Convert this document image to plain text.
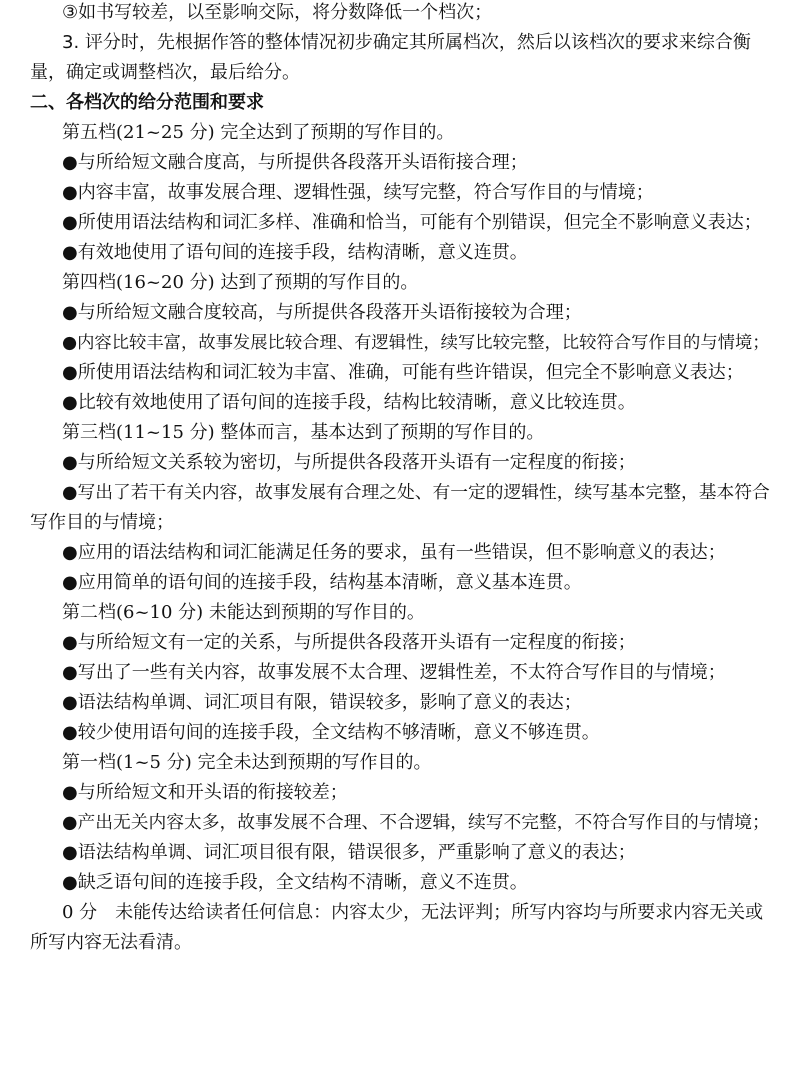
③如书写较差，以至影响交际，将分数降低一个档次；
3. 评分时，先根据作答的整体情况初步确定其所属档次，然后以该档次的要求来综合衡
量，确定或调整档次，最后给分。
二、各档次的给分范围和要求
第五档(21~25 分) 完全达到了预期的写作目的。
●与所给短文融合度高，与所提供各段落开头语衔接合理；
●内容丰富，故事发展合理、逻辑性强，续写完整，符合写作目的与情境；
●所使用语法结构和词汇多样、准确和恰当，可能有个别错误，但完全不影响意义表达；
●有效地使用了语句间的连接手段，结构清晰，意义连贯。
第四档(16~20 分) 达到了预期的写作目的。
●与所给短文融合度较高，与所提供各段落开头语衔接较为合理；
●内容比较丰富，故事发展比较合理、有逻辑性，续写比较完整，比较符合写作目的与情境；
●所使用语法结构和词汇较为丰富、准确，可能有些许错误，但完全不影响意义表达；
●比较有效地使用了语句间的连接手段，结构比较清晰，意义比较连贯。
第三档(11~15 分) 整体而言，基本达到了预期的写作目的。
●与所给短文关系较为密切，与所提供各段落开头语有一定程度的衔接；
●写出了若干有关内容，故事发展有合理之处、有一定的逻辑性，续写基本完整，基本符合
写作目的与情境；
●应用的语法结构和词汇能满足任务的要求，虽有一些错误，但不影响意义的表达；
●应用简单的语句间的连接手段，结构基本清晰，意义基本连贯。
第二档(6~10 分) 未能达到预期的写作目的。
●与所给短文有一定的关系，与所提供各段落开头语有一定程度的衔接；
●写出了一些有关内容，故事发展不太合理、逻辑性差，不太符合写作目的与情境；
●语法结构单调、词汇项目有限，错误较多，影响了意义的表达；
●较少使用语句间的连接手段，全文结构不够清晰，意义不够连贯。
第一档(1~5 分) 完全未达到预期的写作目的。
●与所给短文和开头语的衔接较差；
●产出无关内容太多，故事发展不合理、不合逻辑，续写不完整，不符合写作目的与情境；
●语法结构单调、词汇项目很有限，错误很多，严重影响了意义的表达；
●缺乏语句间的连接手段，全文结构不清晰，意义不连贯。
0 分　未能传达给读者任何信息：内容太少，无法评判；所写内容均与所要求内容无关或
所写内容无法看清。
